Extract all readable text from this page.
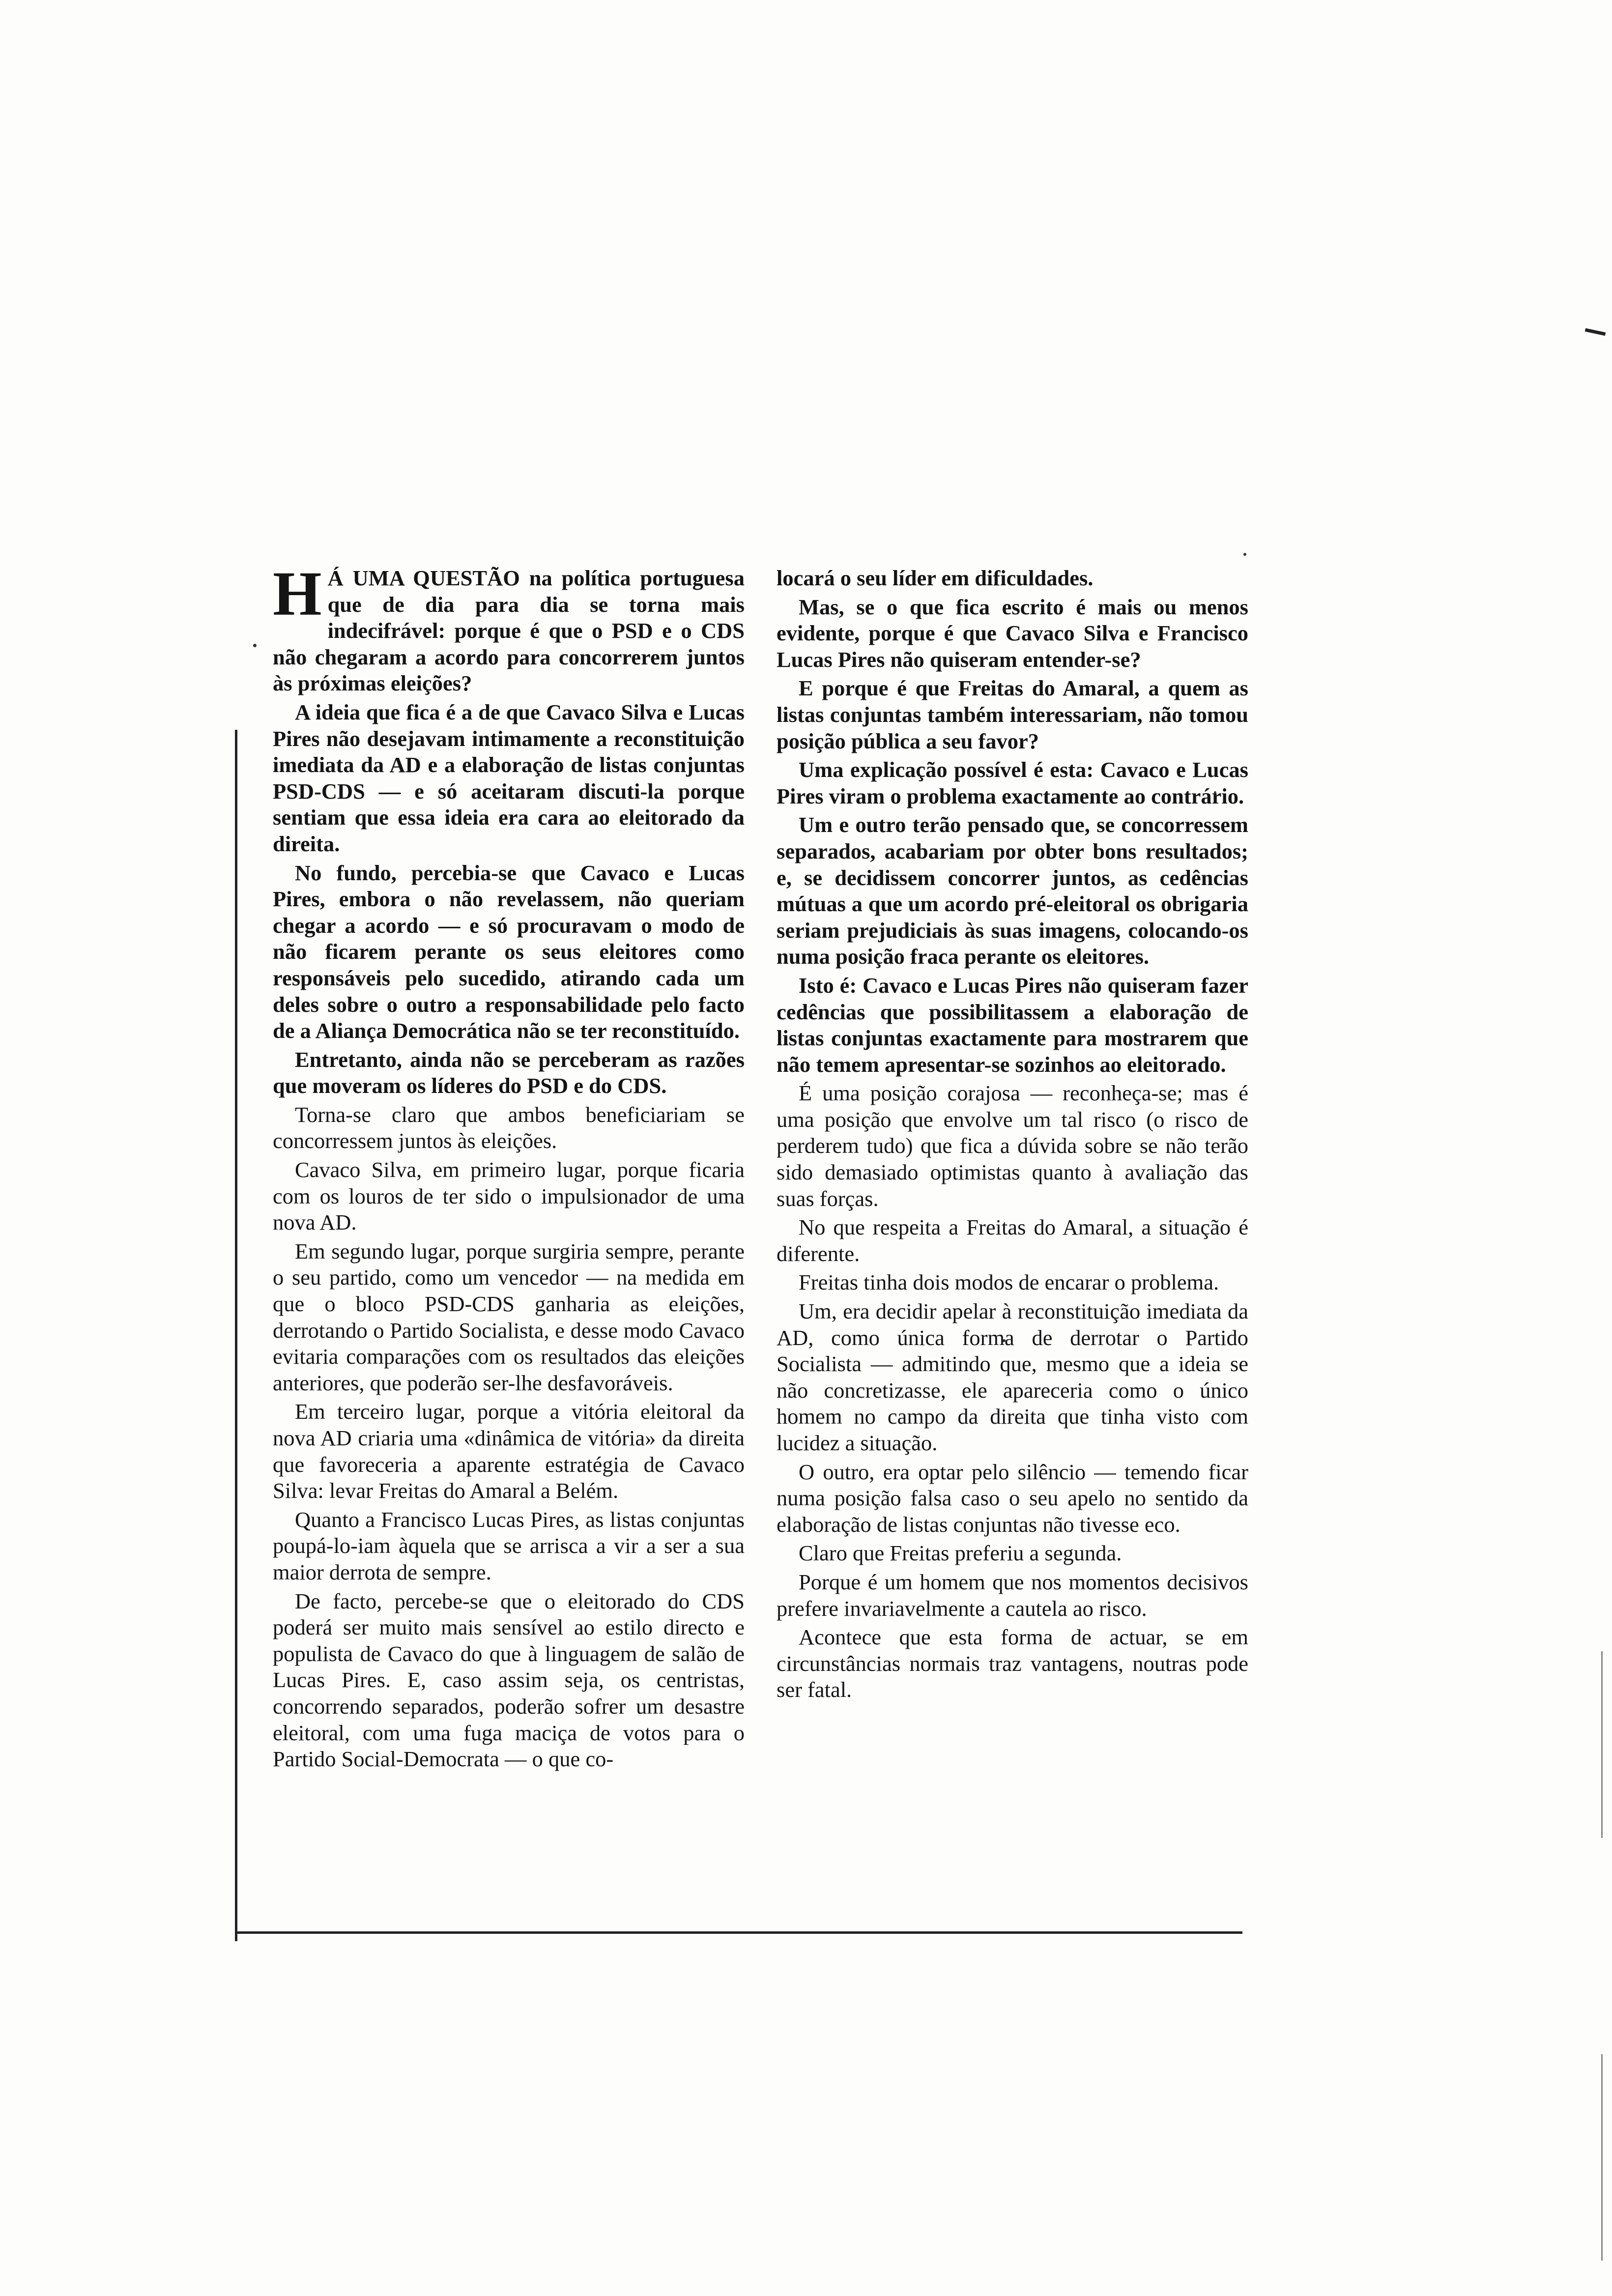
H Á UMA QUESTÃO na política portuguesa que de dia para dia se torna mais indecifrável: porque é que o PSD e o CDS não chegaram a acordo para concorrerem juntos às próximas eleições?

A ideia que fica é a de que Cavaco Silva e Lucas Pires não desejavam intimamente a reconstituição imediata da AD e a elaboração de listas conjuntas PSD-CDS — e só aceitaram discuti-la porque sentiam que essa ideia era cara ao eleitorado da direita.

No fundo, percebia-se que Cavaco e Lucas Pires, embora o não revelassem, não queriam chegar a acordo — e só procuravam o modo de não ficarem perante os seus eleitores como responsáveis pelo sucedido, atirando cada um deles sobre o outro a responsabilidade pelo facto de a Aliança Democrática não se ter reconstituído.

Entretanto, ainda não se perceberam as razões que moveram os líderes do PSD e do CDS.

Torna-se claro que ambos beneficiariam se concorressem juntos às eleições.

Cavaco Silva, em primeiro lugar, porque ficaria com os louros de ter sido o impulsionador de uma nova AD.

Em segundo lugar, porque surgiria sempre, perante o seu partido, como um vencedor — na medida em que o bloco PSD-CDS ganharia as eleições, derrotando o Partido Socialista, e desse modo Cavaco evitaria comparações com os resultados das eleições anteriores, que poderão ser-lhe desfavoráveis.

Em terceiro lugar, porque a vitória eleitoral da nova AD criaria uma «dinâmica de vitória» da direita que favoreceria a aparente estratégia de Cavaco Silva: levar Freitas do Amaral a Belém.

Quanto a Francisco Lucas Pires, as listas conjuntas poupá-lo-iam àquela que se arrisca a vir a ser a sua maior derrota de sempre.

De facto, percebe-se que o eleitorado do CDS poderá ser muito mais sensível ao estilo directo e populista de Cavaco do que à linguagem de salão de Lucas Pires. E, caso assim seja, os centristas, concorrendo separados, poderão sofrer um desastre eleitoral, com uma fuga maciça de votos para o Partido Social-Democrata — o que co-

locará o seu líder em dificuldades.

Mas, se o que fica escrito é mais ou menos evidente, porque é que Cavaco Silva e Francisco Lucas Pires não quiseram entender-se?

E porque é que Freitas do Amaral, a quem as listas conjuntas também interessariam, não tomou posição pública a seu favor?

Uma explicação possível é esta: Cavaco e Lucas Pires viram o problema exactamente ao contrário.

Um e outro terão pensado que, se concorressem separados, acabariam por obter bons resultados; e, se decidissem concorrer juntos, as cedências mútuas a que um acordo pré-eleitoral os obrigaria seriam prejudiciais às suas imagens, colocando-os numa posição fraca perante os eleitores.

Isto é: Cavaco e Lucas Pires não quiseram fazer cedências que possibilitassem a elaboração de listas conjuntas exactamente para mostrarem que não temem apresentar-se sozinhos ao eleitorado.

É uma posição corajosa — reconheça-se; mas é uma posição que envolve um tal risco (o risco de perderem tudo) que fica a dúvida sobre se não terão sido demasiado optimistas quanto à avaliação das suas forças.

No que respeita a Freitas do Amaral, a situação é diferente.

Freitas tinha dois modos de encarar o problema.

Um, era decidir apelar à reconstituição imediata da AD, como única forma de derrotar o Partido Socialista — admitindo que, mesmo que a ideia se não concretizasse, ele apareceria como o único homem no campo da direita que tinha visto com lucidez a situação.

O outro, era optar pelo silêncio — temendo ficar numa posição falsa caso o seu apelo no sentido da elaboração de listas conjuntas não tivesse eco.

Claro que Freitas preferiu a segunda.

Porque é um homem que nos momentos decisivos prefere invariavelmente a cautela ao risco.

Acontece que esta forma de actuar, se em circunstâncias normais traz vantagens, noutras pode ser fatal.
